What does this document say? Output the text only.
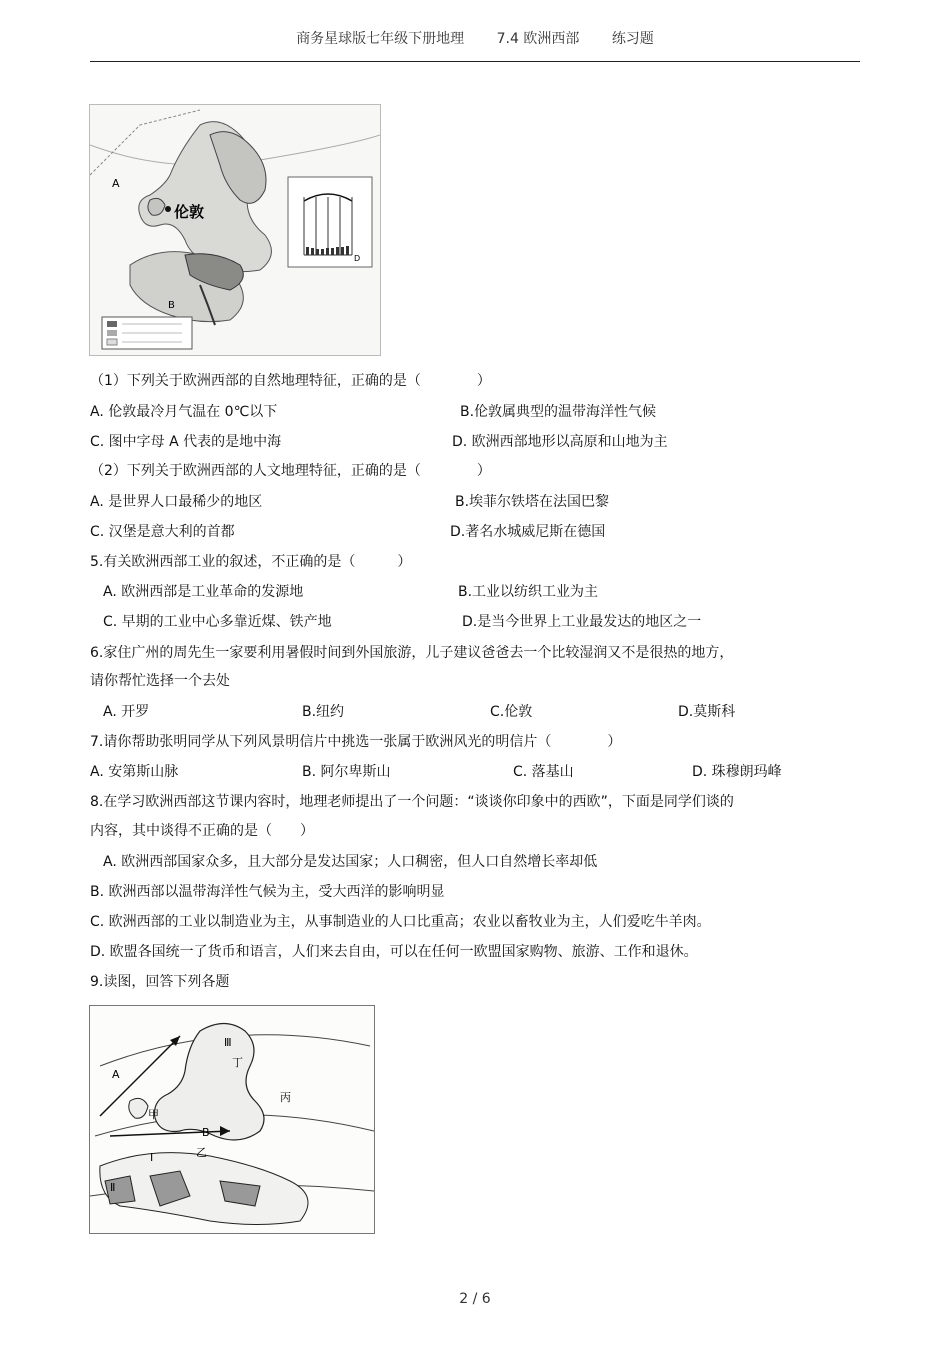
商务星球版七年级下册地理 7.4 欧洲西部 练习题
A
B
伦敦
D
（1）下列关于欧洲西部的自然地理特征，正确的是（　　　　）
A. 伦敦最冷月气温在 0℃以下	B.伦敦属典型的温带海洋性气候
C. 图中字母 A 代表的是地中海	D. 欧洲西部地形以高原和山地为主
（2）下列关于欧洲西部的人文地理特征，正确的是（　　　　）
A. 是世界人口最稀少的地区	B.埃菲尔铁塔在法国巴黎
C. 汉堡是意大利的首都	D.著名水城威尼斯在德国
5.有关欧洲西部工业的叙述，不正确的是（　　　）
A. 欧洲西部是工业革命的发源地	B.工业以纺织工业为主
C. 早期的工业中心多靠近煤、铁产地	D.是当今世界上工业最发达的地区之一
6.家住广州的周先生一家要利用暑假时间到外国旅游，儿子建议爸爸去一个比较湿润又不是很热的地方，
请你帮忙选择一个去处
A. 开罗	B.纽约	C.伦敦	D.莫斯科
7.请你帮助张明同学从下列风景明信片中挑选一张属于欧洲风光的明信片（　　　　）
A. 安第斯山脉	B. 阿尔卑斯山	C. 落基山	D. 珠穆朗玛峰
8.在学习欧洲西部这节课内容时，地理老师提出了一个问题：“谈谈你印象中的西欧”，下面是同学们谈的
内容，其中谈得不正确的是（　　）
A. 欧洲西部国家众多，且大部分是发达国家；人口稠密，但人口自然增长率却低
B. 欧洲西部以温带海洋性气候为主，受大西洋的影响明显
C. 欧洲西部的工业以制造业为主，从事制造业的人口比重高；农业以畜牧业为主，人们爱吃牛羊肉。
D. 欧盟各国统一了货币和语言，人们来去自由，可以在任何一欧盟国家购物、旅游、工作和退休。
9.读图，回答下列各题
A
甲
乙
丙
丁
Ⅲ
Ⅰ
Ⅱ
B
2 / 6
